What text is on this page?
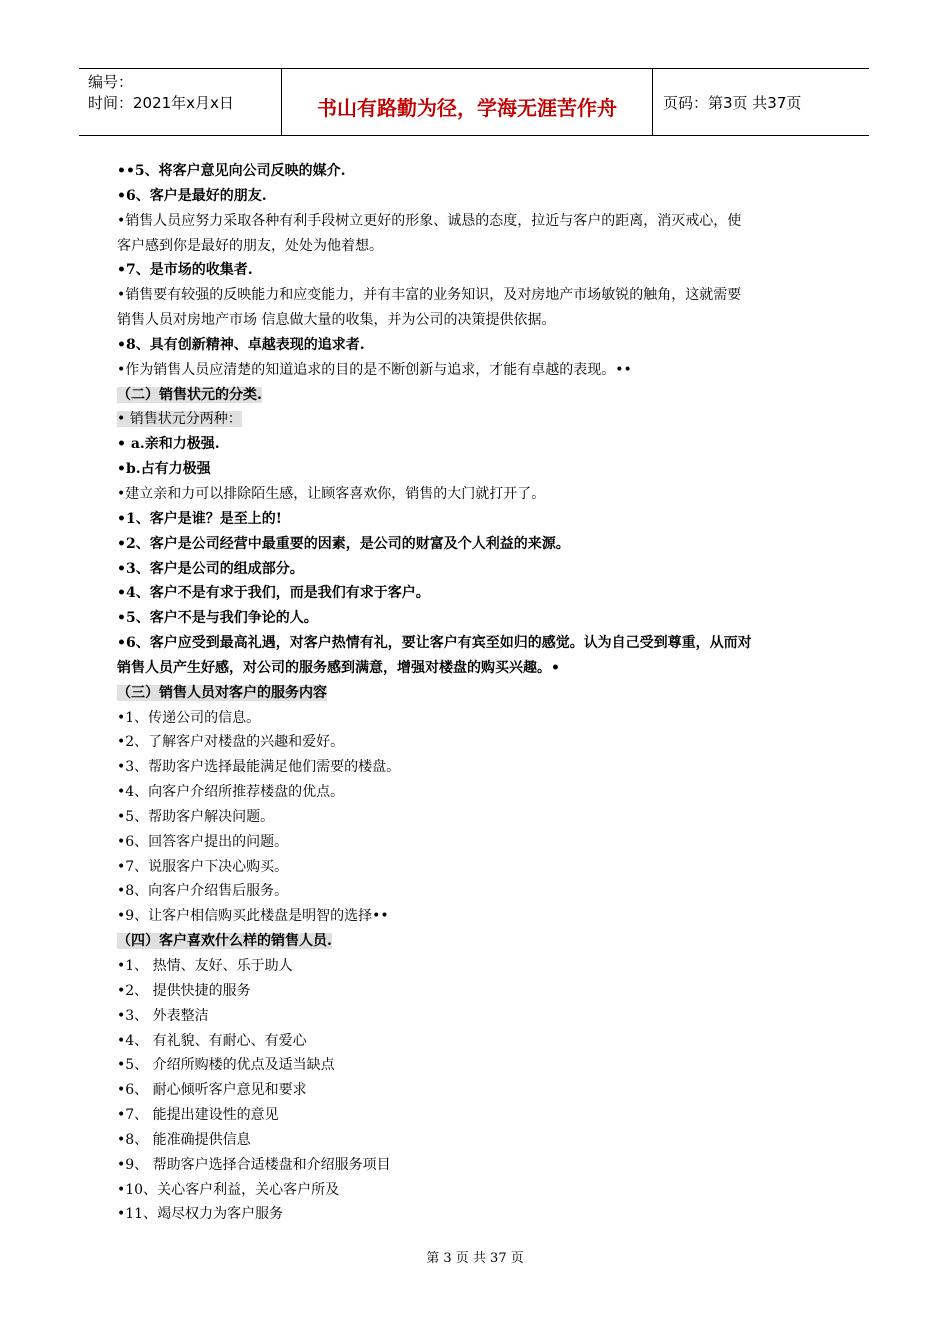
编号：
时间：2021年x月x日	书山有路勤为径，学海无涯苦作舟	页码：第3页 共37页
••5、将客户意见向公司反映的媒介.
•6、客户是最好的朋友.
•销售人员应努力采取各种有利手段树立更好的形象、诚恳的态度，拉近与客户的距离，消灭戒心，使
客户感到你是最好的朋友，处处为他着想。
•7、是市场的收集者.
•销售要有较强的反映能力和应变能力，并有丰富的业务知识，及对房地产市场敏锐的触角，这就需要
销售人员对房地产市场 信息做大量的收集，并为公司的决策提供依据。
•8、具有创新精神、卓越表现的追求者.
•作为销售人员应清楚的知道追求的目的是不断创新与追求，才能有卓越的表现。••
（二）销售状元的分类.
• 销售状元分两种：
• a.亲和力极强.
•b.占有力极强
•建立亲和力可以排除陌生感，让顾客喜欢你，销售的大门就打开了。
•1、客户是谁？是至上的!
•2、客户是公司经营中最重要的因素，是公司的财富及个人利益的来源。
•3、客户是公司的组成部分。
•4、客户不是有求于我们，而是我们有求于客户。
•5、客户不是与我们争论的人。
•6、客户应受到最高礼遇，对客户热情有礼，要让客户有宾至如归的感觉。认为自己受到尊重，从而对
销售人员产生好感，对公司的服务感到满意，增强对楼盘的购买兴趣。•
（三）销售人员对客户的服务内容
•1、传递公司的信息。
•2、了解客户对楼盘的兴趣和爱好。
•3、帮助客户选择最能满足他们需要的楼盘。
•4、向客户介绍所推荐楼盘的优点。
•5、帮助客户解决问题。
•6、回答客户提出的问题。
•7、说服客户下决心购买。
•8、向客户介绍售后服务。
•9、让客户相信购买此楼盘是明智的选择••
（四）客户喜欢什么样的销售人员.
•1、 热情、友好、乐于助人
•2、 提供快捷的服务
•3、 外表整洁
•4、 有礼貌、有耐心、有爱心
•5、 介绍所购楼的优点及适当缺点
•6、 耐心倾听客户意见和要求
•7、 能提出建设性的意见
•8、 能准确提供信息
•9、 帮助客户选择合适楼盘和介绍服务项目
•10、关心客户利益，关心客户所及
•11、竭尽权力为客户服务
第 3 页 共 37 页
